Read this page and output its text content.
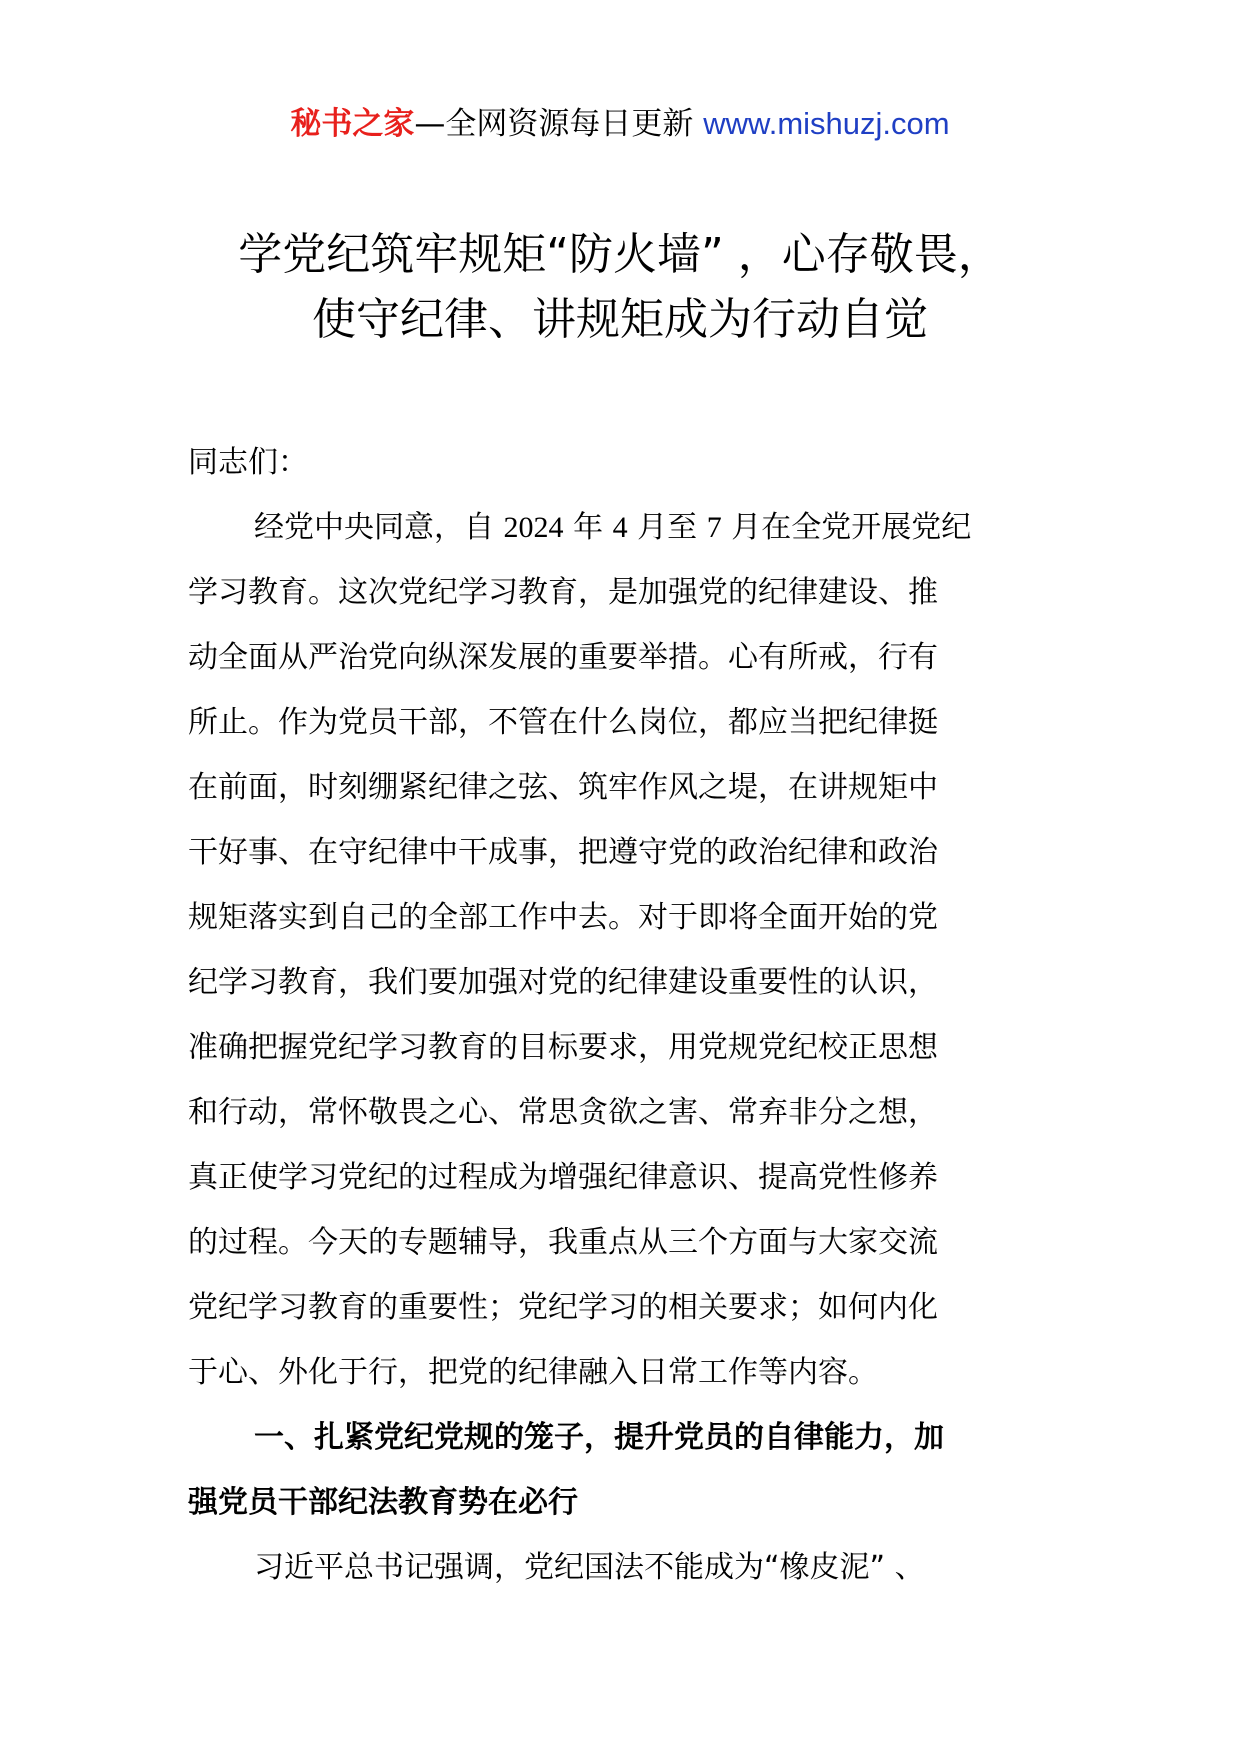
秘书之家—全网资源每日更新 www.mishuzj.com
学党纪筑牢规矩“防火墙” ，心存敬畏，
使守纪律、讲规矩成为行动自觉

同志们：

经党中央同意，自 2024 年 4 月至 7 月在全党开展党纪

学习教育。这次党纪学习教育，是加强党的纪律建设、推

动全面从严治党向纵深发展的重要举措。心有所戒，行有

所止。作为党员干部，不管在什么岗位，都应当把纪律挺

在前面，时刻绷紧纪律之弦、筑牢作风之堤，在讲规矩中

干好事、在守纪律中干成事，把遵守党的政治纪律和政治

规矩落实到自己的全部工作中去。对于即将全面开始的党

纪学习教育，我们要加强对党的纪律建设重要性的认识，

准确把握党纪学习教育的目标要求，用党规党纪校正思想

和行动，常怀敬畏之心、常思贪欲之害、常弃非分之想，

真正使学习党纪的过程成为增强纪律意识、提高党性修养

的过程。今天的专题辅导，我重点从三个方面与大家交流

党纪学习教育的重要性；党纪学习的相关要求；如何内化

于心、外化于行，把党的纪律融入日常工作等内容。

一、扎紧党纪党规的笼子，提升党员的自律能力，加

强党员干部纪法教育势在必行

习近平总书记强调，党纪国法不能成为“橡皮泥” 、
